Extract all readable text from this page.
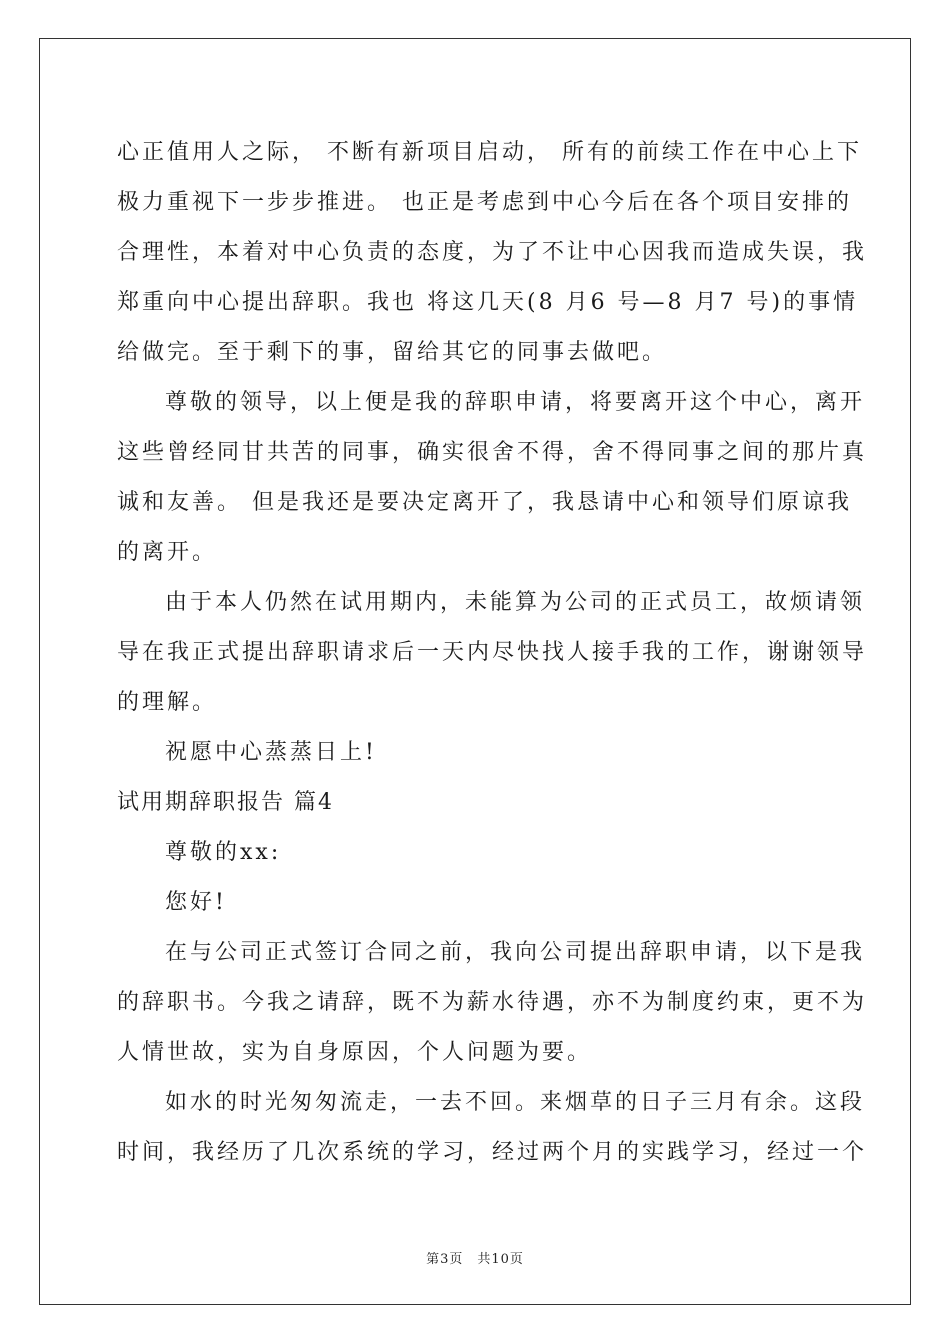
心正值用人之际， 不断有新项目启动， 所有的前续工作在中心上下
极力重视下一步步推进。 也正是考虑到中心今后在各个项目安排的
合理性，本着对中心负责的态度，为了不让中心因我而造成失误，我
郑重向中心提出辞职。我也 将这几天(8 月6 号—8 月7 号)的事情
给做完。至于剩下的事，留给其它的同事去做吧。
尊敬的领导，以上便是我的辞职申请，将要离开这个中心，离开
这些曾经同甘共苦的同事，确实很舍不得，舍不得同事之间的那片真
诚和友善。 但是我还是要决定离开了，我恳请中心和领导们原谅我
的离开。
由于本人仍然在试用期内，未能算为公司的正式员工，故烦请领
导在我正式提出辞职请求后一天内尽快找人接手我的工作，谢谢领导
的理解。
祝愿中心蒸蒸日上!
试用期辞职报告 篇4
尊敬的xx:
您好!
在与公司正式签订合同之前，我向公司提出辞职申请，以下是我
的辞职书。今我之请辞，既不为薪水待遇，亦不为制度约束，更不为
人情世故，实为自身原因，个人问题为要。
如水的时光匆匆流走，一去不回。来烟草的日子三月有余。这段
时间，我经历了几次系统的学习，经过两个月的实践学习，经过一个
第3页　共10页
